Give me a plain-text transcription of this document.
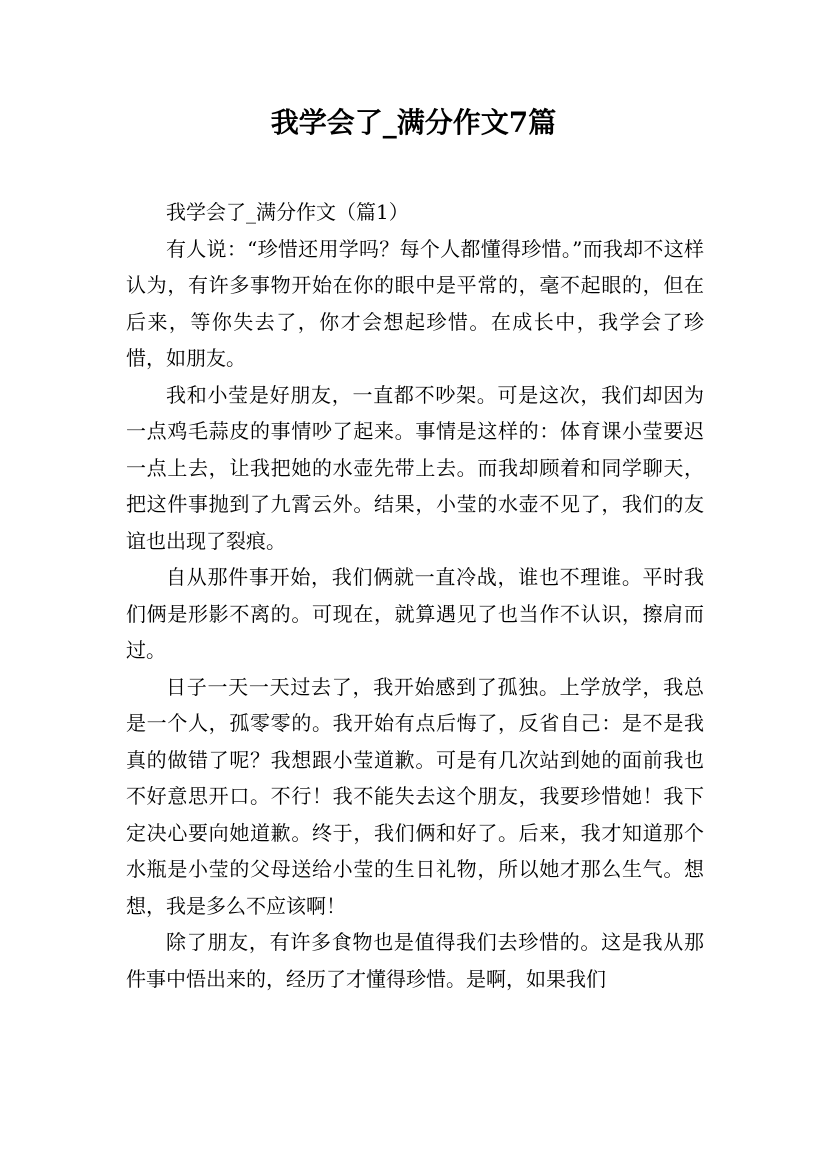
我学会了_满分作文7篇

我学会了_满分作文（篇1）

有人说：“珍惜还用学吗？每个人都懂得珍惜。”而我却不这样认为，有许多事物开始在你的眼中是平常的，毫不起眼的，但在后来，等你失去了，你才会想起珍惜。在成长中，我学会了珍惜，如朋友。

我和小莹是好朋友，一直都不吵架。可是这次，我们却因为一点鸡毛蒜皮的事情吵了起来。事情是这样的：体育课小莹要迟一点上去，让我把她的水壶先带上去。而我却顾着和同学聊天，把这件事抛到了九霄云外。结果，小莹的水壶不见了，我们的友谊也出现了裂痕。

自从那件事开始，我们俩就一直冷战，谁也不理谁。平时我们俩是形影不离的。可现在，就算遇见了也当作不认识，擦肩而过。

日子一天一天过去了，我开始感到了孤独。上学放学，我总是一个人，孤零零的。我开始有点后悔了，反省自己：是不是我真的做错了呢？我想跟小莹道歉。可是有几次站到她的面前我也不好意思开口。不行！我不能失去这个朋友，我要珍惜她！我下定决心要向她道歉。终于，我们俩和好了。后来，我才知道那个水瓶是小莹的父母送给小莹的生日礼物，所以她才那么生气。想想，我是多么不应该啊！

除了朋友，有许多食物也是值得我们去珍惜的。这是我从那件事中悟出来的，经历了才懂得珍惜。是啊，如果我们
